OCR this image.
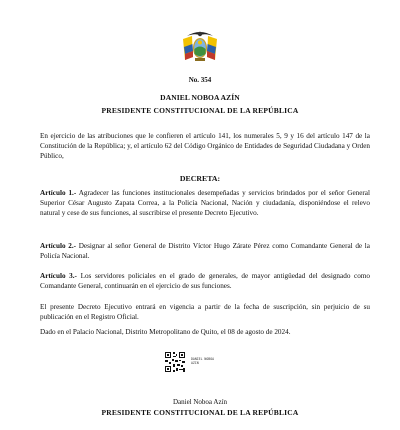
No. 354
DANIEL NOBOA AZÍN
PRESIDENTE CONSTITUCIONAL DE LA REPÚBLICA
En ejercicio de las atribuciones que le confieren el artículo 141, los numerales 5, 9 y 16 del artículo 147 de la Constitución de la República; y, el artículo 62 del Código Orgánico de Entidades de Seguridad Ciudadana y Orden Público,
DECRETA:
Artículo 1.- Agradecer las funciones institucionales desempeñadas y servicios brindados por el señor General Superior César Augusto Zapata Correa, a la Policía Nacional, Nación y ciudadanía, disponiéndose el relevo natural y cese de sus funciones, al suscribirse el presente Decreto Ejecutivo.
Artículo 2.- Designar al señor General de Distrito Víctor Hugo Zárate Pérez como Comandante General de la Policía Nacional.
Artículo 3.- Los servidores policiales en el grado de generales, de mayor antigüedad del designado como Comandante General, continuarán en el ejercicio de sus funciones.
El presente Decreto Ejecutivo entrará en vigencia a partir de la fecha de suscripción, sin perjuicio de su publicación en el Registro Oficial.
Dado en el Palacio Nacional, Distrito Metropolitano de Quito, el 08 de agosto de 2024.
DANIEL NOBOA
AZIN
Daniel Noboa Azín
PRESIDENTE CONSTITUCIONAL DE LA REPÚBLICA
